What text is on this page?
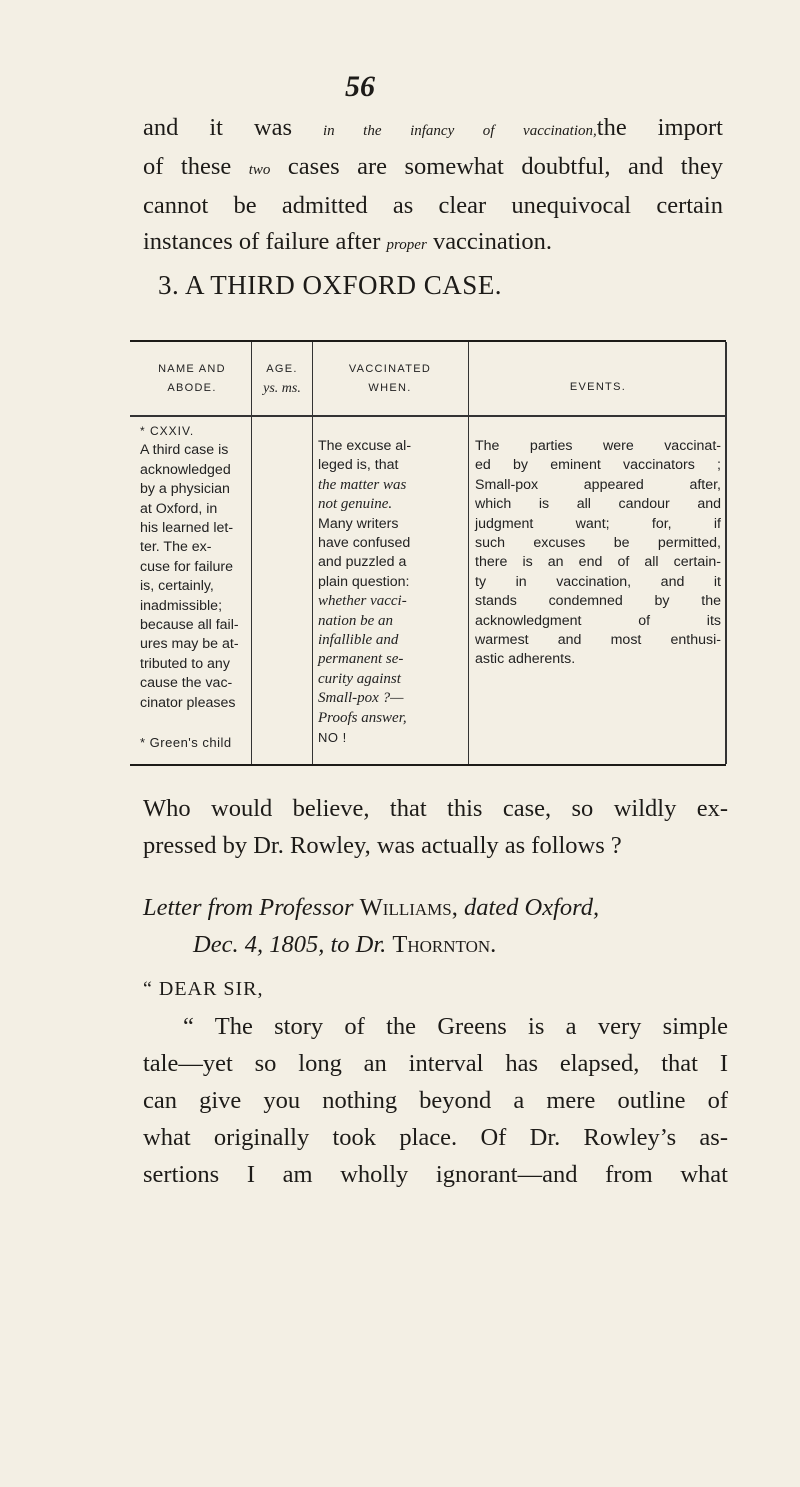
56

and it was in the infancy of vaccination,the import

of these two cases are somewhat doubtful, and they

cannot be admitted as clear unequivocal certain

instances of failure after proper vaccination.

3. A THIRD OXFORD CASE.
NAME AND
ABODE.
AGE.
ys. ms.
VACCINATED
WHEN.	EVENTS.
* CXXIV.
A third case is
acknowledged
by a physician
at Oxford, in
his learned let-
ter. The ex-
cuse for failure
is, certainly,
inadmissible;
because all fail-
ures may be at-
tributed to any
cause the vac-
cinator pleases

* Green's child
The excuse al-
leged is, that
the matter was
not genuine.
Many writers
have confused
and puzzled a
plain question:
whether vacci-
nation be an
infallible and
permanent se-
curity against
Small-pox ?—
Proofs answer,
NO !
The parties were vaccinat-
ed by eminent vaccinators ;
Small-pox appeared after,
which is all candour and
judgment want; for, if
such excuses be permitted,
there is an end of all certain-
ty in vaccination, and it
stands condemned by the
acknowledgment of its
warmest and most enthusi-
astic adherents.

Who would believe, that this case, so wildly ex-

pressed by Dr. Rowley, was actually as follows ?

Letter from Professor Williams, dated Oxford,

Dec. 4, 1805, to Dr. Thornton.

“ DEAR SIR,

“ The story of the Greens is a very simple

tale—yet so long an interval has elapsed, that I

can give you nothing beyond a mere outline of

what originally took place. Of Dr. Rowley’s as-

sertions I am wholly ignorant—and from what
